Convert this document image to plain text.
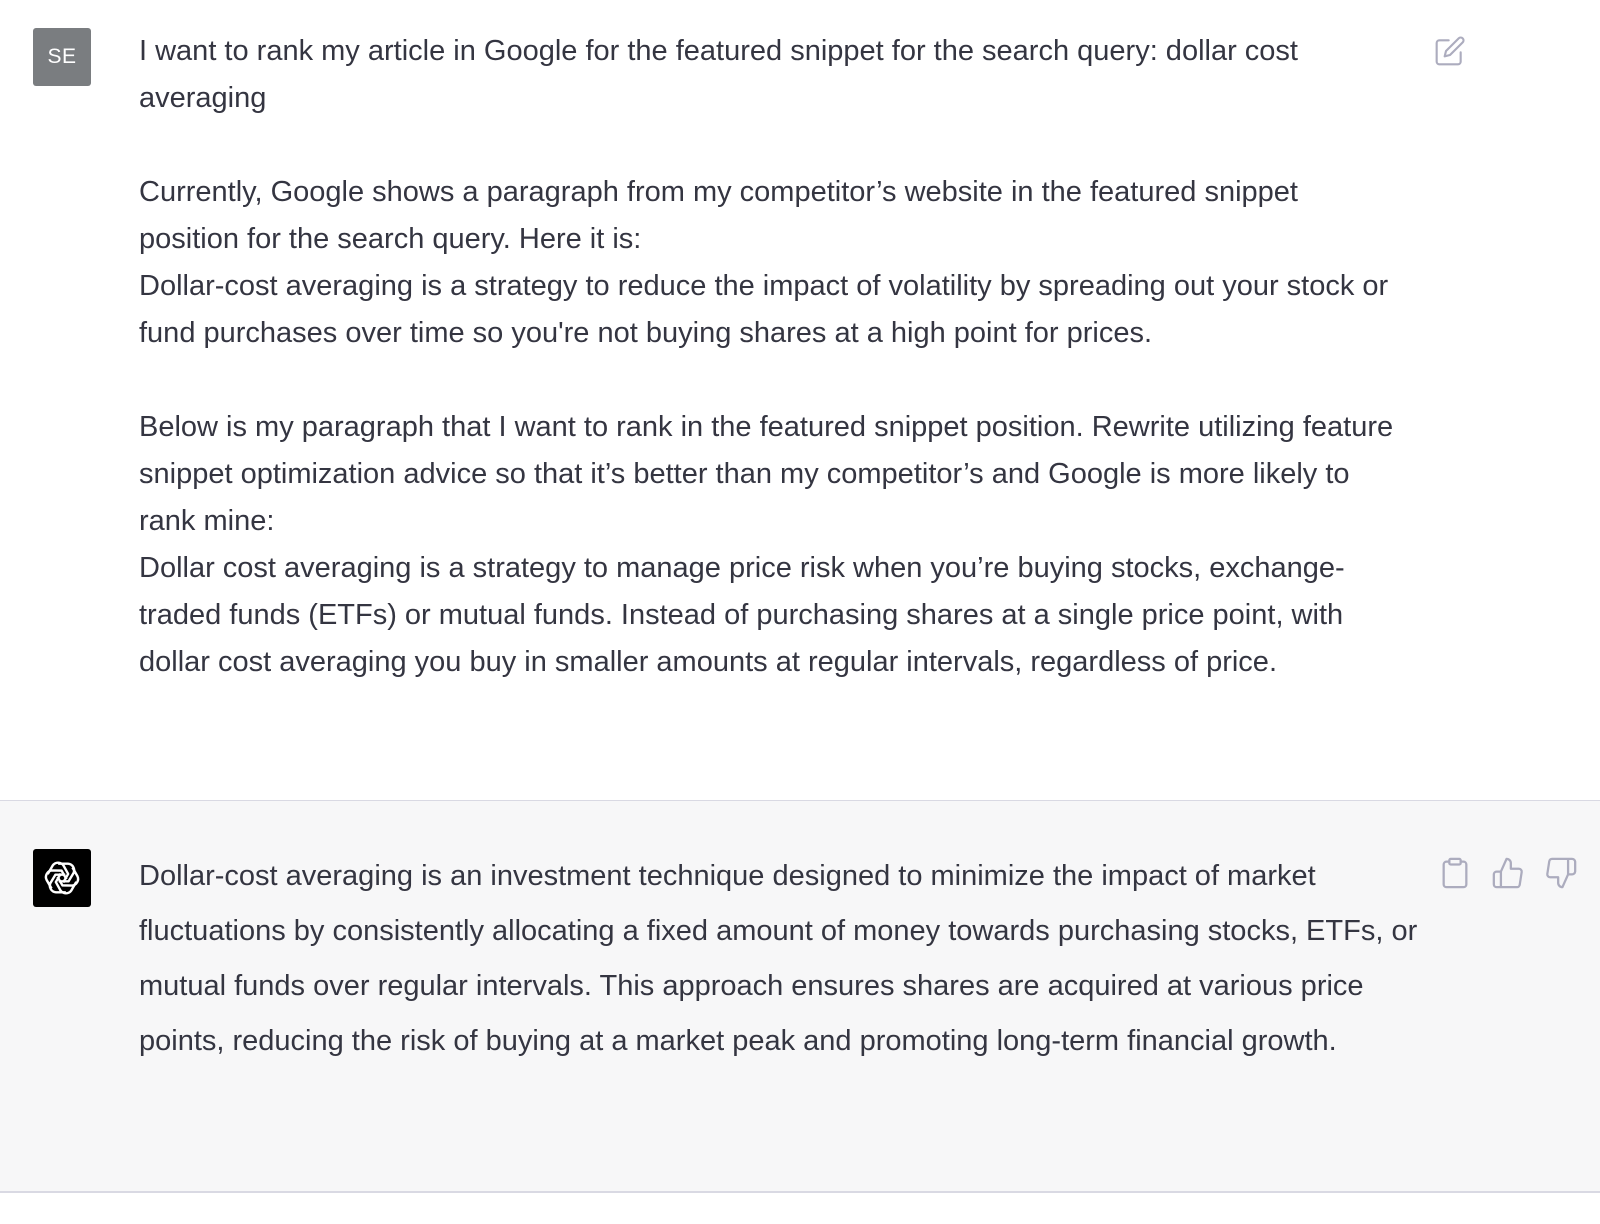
SE I want to rank my article in Google for the featured snippet for the search query: dollar cost averaging

Currently, Google shows a paragraph from my competitor’s website in the featured snippet position for the search query. Here it is:

Dollar-cost averaging is a strategy to reduce the impact of volatility by spreading out your stock or fund purchases over time so you're not buying shares at a high point for prices.

Below is my paragraph that I want to rank in the featured snippet position. Rewrite utilizing feature snippet optimization advice so that it’s better than my competitor’s and Google is more likely to rank mine:

Dollar cost averaging is a strategy to manage price risk when you’re buying stocks, exchange-traded funds (ETFs) or mutual funds. Instead of purchasing shares at a single price point, with dollar cost averaging you buy in smaller amounts at regular intervals, regardless of price.

Dollar-cost averaging is an investment technique designed to minimize the impact of market fluctuations by consistently allocating a fixed amount of money towards purchasing stocks, ETFs, or mutual funds over regular intervals. This approach ensures shares are acquired at various price points, reducing the risk of buying at a market peak and promoting long-term financial growth.
